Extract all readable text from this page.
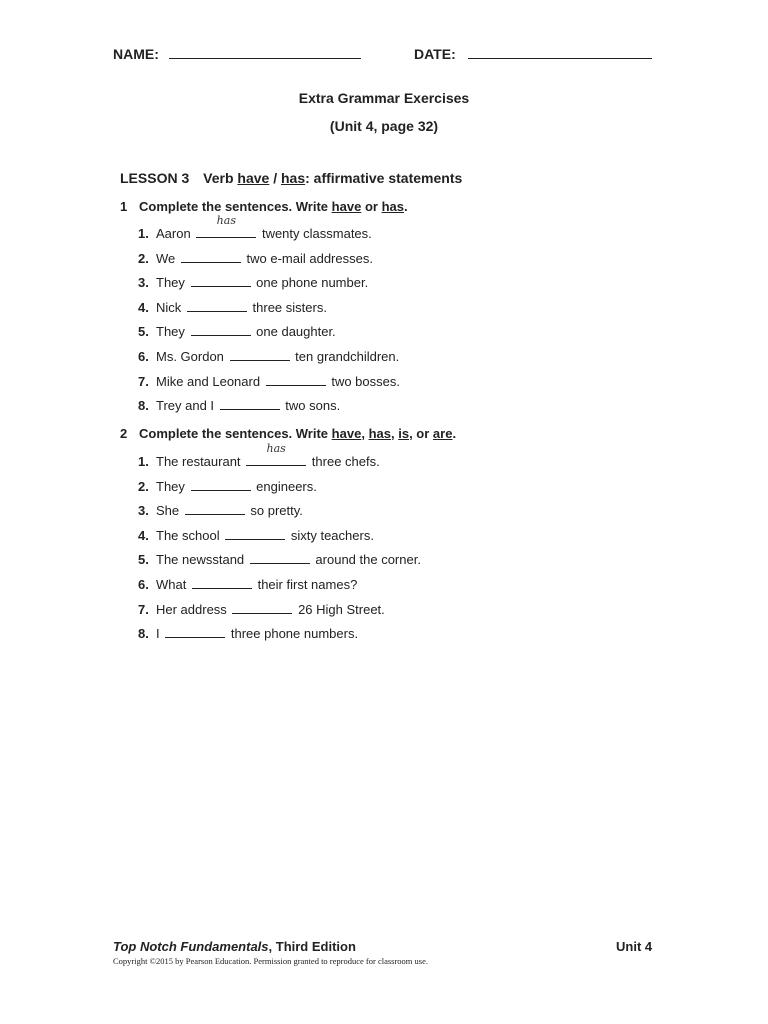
NAME:	DATE:
Extra Grammar Exercises
(Unit 4, page 32)
LESSON 3 Verb have / has: affirmative statements
1 Complete the sentences. Write have or has.
1. Aaron
has
twenty classmates.
2. We	two e-mail addresses.
3. They	one phone number.
4. Nick	three sisters.
5. They	one daughter.
6. Ms. Gordon	ten grandchildren.
7. Mike and Leonard	two bosses.
8. Trey and I	two sons.
2 Complete the sentences. Write have, has, is, or are.
1. The restaurant
has
three chefs.
2. They	engineers.
3. She	so pretty.
4. The school	sixty teachers.
5. The newsstand	around the corner.
6. What	their first names?
7. Her address	26 High Street.
8. I	three phone numbers.
Top Notch Fundamentals, Third Edition	Unit 4
Copyright ©2015 by Pearson Education. Permission granted to reproduce for classroom use.
